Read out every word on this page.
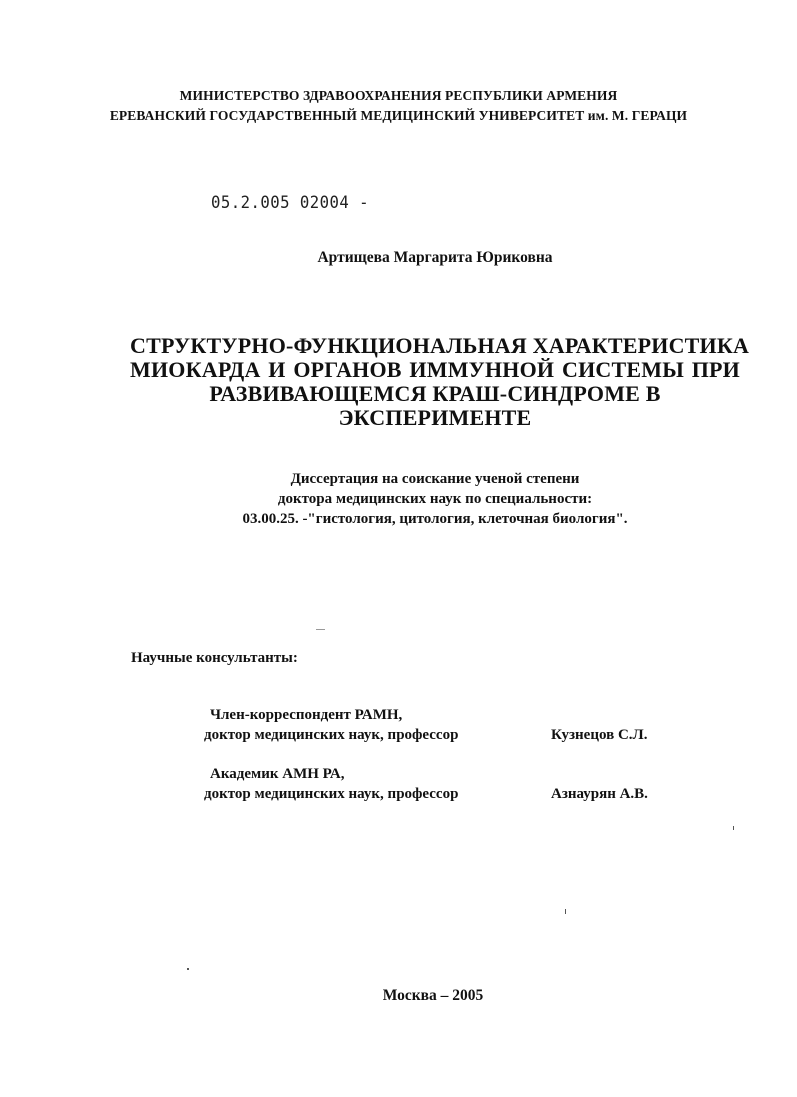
МИНИСТЕРСТВО ЗДРАВООХРАНЕНИЯ РЕСПУБЛИКИ АРМЕНИЯ
ЕРЕВАНСКИЙ ГОСУДАРСТВЕННЫЙ МЕДИЦИНСКИЙ УНИВЕРСИТЕТ им. М. ГЕРАЦИ
05.2.005 02004 -
Артищева Маргарита Юриковна
СТРУКТУРНО-ФУНКЦИОНАЛЬНАЯ ХАРАКТЕРИСТИКА
МИОКАРДА И ОРГАНОВ ИММУННОЙ СИСТЕМЫ ПРИ
РАЗВИВАЮЩЕМСЯ КРАШ-СИНДРОМЕ В
ЭКСПЕРИМЕНТЕ
Диссертация на соискание ученой степени
доктора медицинских наук по специальности:
03.00.25. -"гистология, цитология, клеточная биология".
Научные консультанты:
Член-корреспондент РАМН,
доктор медицинских наук, профессор	Кузнецов С.Л.
Академик АМН РА,
доктор медицинских наук, профессор	Азнаурян А.В.
Москва – 2005
